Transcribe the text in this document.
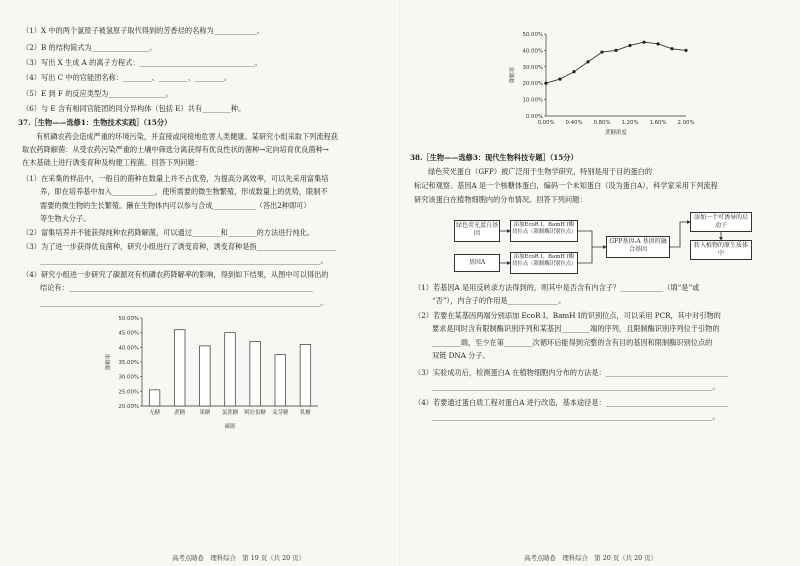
（1）X 中的两个氯原子被氢原子取代得到的芳香烃的名称为____________。
（2）B 的结构简式为________________。
（3）写出 X 生成 A 的离子方程式：________________________________。
（4）写出 C 中的官能团名称：________、________、________。
（5）E 到 F 的反应类型为________________。
（6）与 E 含有相同官能团的同分异构体（包括 E）共有________种。
37.［生物——选修1：生物技术实践］（15分）
有机磷农药会造成严重的环境污染，并直接或间接地危害人类健康。某研究小组采取下列流程获
取农药降解菌：从受农药污染严重的土壤中筛选分离获得有优良性状的菌种→定向培育优良菌种→
在木基础上进行诱变育种及构建工程菌。回答下列问题：
（1）在采集的样品中，一般目的菌种在数量上并不占优势，为提高分离效率，可以先采用富集培
养，即在培养基中加入____________，使所需要的微生物繁殖，形成数量上的优势，限制不
需要的微生物的生长繁殖。獭在生物体内可以参与合成____________（答出2种即可）
等生物大分子。
（2）富集培养并不能获得纯种农药降解菌，可以通过________和________的方法进行纯化。
（3）为了进一步获得优良菌种，研究小组进行了诱变育种，诱变育种是指______________________
______________________________________________________________________________。
（4）研究小组进一步研究了碳源对有机磷农药降解率的影响，得到如下结果，从图中可以得出的
结论有：____________________________________________________________________
______________________________________________________________________________。
20.00%
25.00%
30.00%
35.00%
40.00%
45.00%
50.00%
无糖	蔗糖	果糖 氯蔗糖 阿拉伯糖 麦芽糖 乳糖
降解率
碳源
高考点睛卷　理科综合　第 19 页（共 20 页）
0.00%
10.00%
20.00%
30.00%
40.00%
50.00%
0.00% 0.40% 0.80% 1.20% 1.60% 2.00%
降解率
蔗糖浓度
38.［生物——选修3：现代生物科技专题］（15分）
绿色荧光蛋白（GFP）被广泛用于生物学研究，特别是用于目的蛋白的
标记和观察。基因A 是一个核糖体蛋白，编码一个未知蛋白（设为蛋白A），科学家采用下列流程
研究该蛋白在植物细胞内的分布情况。回答下列问题：
绿色荧光蛋白基因
添加EcoR Ⅰ、BamH Ⅰ酶切位点（限制酶识别位点）
基因A
添加EcoR Ⅰ、BamH Ⅰ酶切位点（限制酶识别位点）
GFP基因-A 基因的融合基因
添加一个可诱导的启动子
转入植物的原生质体中
（1）若基因A 是用反转录方法得到的，则其中是否含有内含子？____________（填“是”或
“否”），内含子的作用是______________。
（2）若要在某基因两端分别添加 EcoR Ⅰ、BamH Ⅰ的识别位点，可以采用 PCR，其中对引物的
要求是同时含有限制酶识别序列和某基因________端的序列，且限制酶识别序列位于引物的
________端，至少在第________次循环后能得到完整的含有目的基因和限制酶识别位点的
双链 DNA 分子。
（3）实验成功后，检测蛋白A 在植物细胞内分布的方法是：__________________________________
______________________________________________________________________________。
（4）若要通过蛋白质工程对蛋白A 进行改造，基本途径是：__________________________________
______________________________________________________________________________。
高考点睛卷　理科综合　第 20 页（共 20 页）
